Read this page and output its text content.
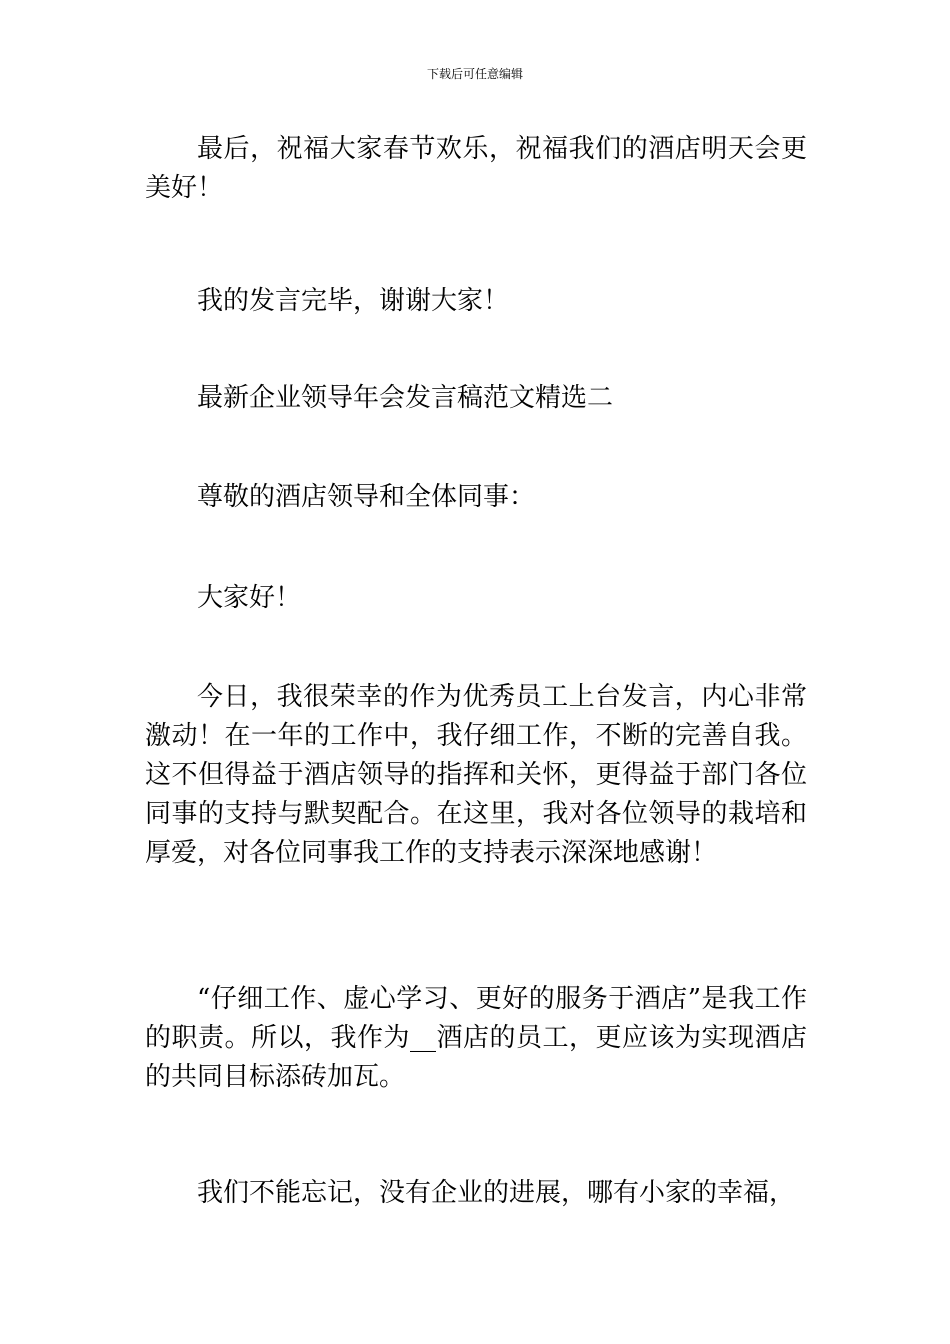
下载后可任意编辑
最后，祝福大家春节欢乐，祝福我们的酒店明天会更美好！
我的发言完毕，谢谢大家！
最新企业领导年会发言稿范文精选二
尊敬的酒店领导和全体同事：
大家好！
今日，我很荣幸的作为优秀员工上台发言，内心非常激动！在一年的工作中，我仔细工作，不断的完善自我。这不但得益于酒店领导的指挥和关怀，更得益于部门各位同事的支持与默契配合。在这里，我对各位领导的栽培和厚爱，对各位同事我工作的支持表示深深地感谢！
“仔细工作、虚心学习、更好的服务于酒店”是我工作的职责。所以，我作为__酒店的员工，更应该为实现酒店的共同目标添砖加瓦。
我们不能忘记，没有企业的进展，哪有小家的幸福，
